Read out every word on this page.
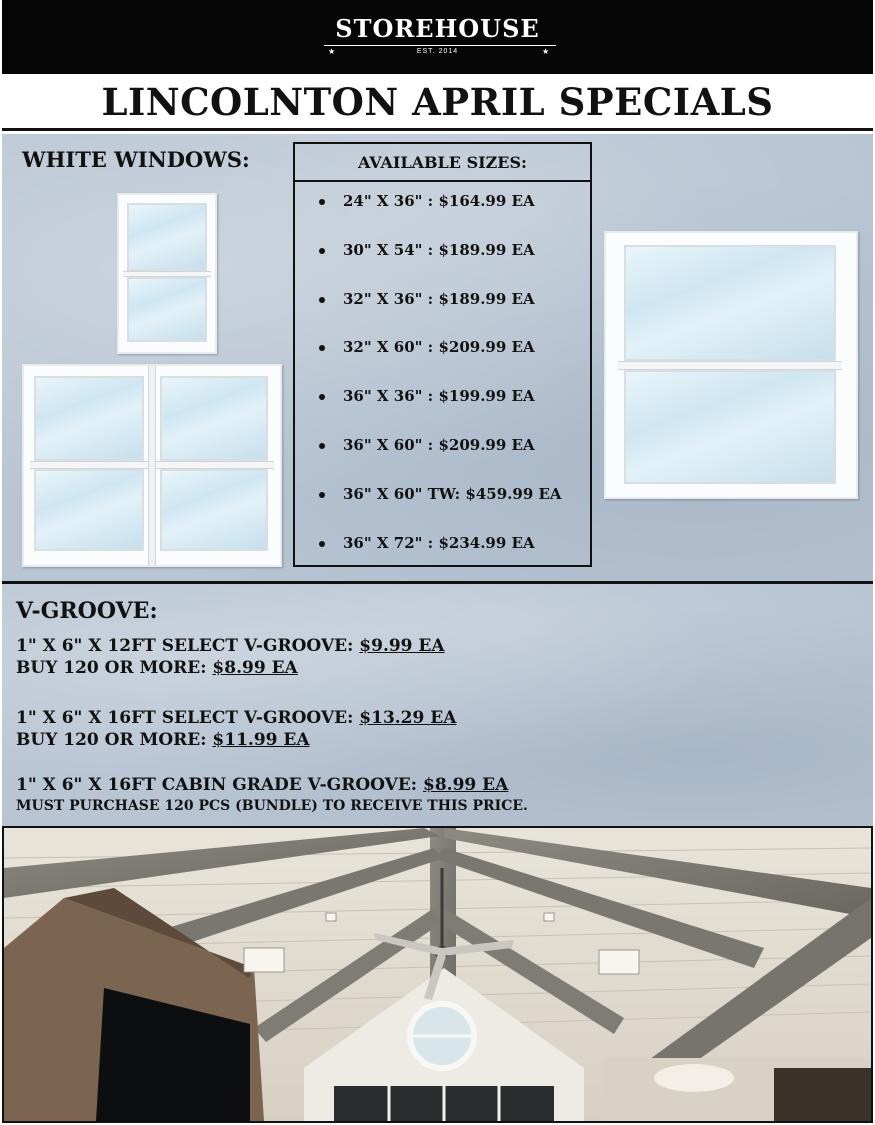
STOREHOUSE
★	EST. 2014	★
LINCOLNTON APRIL SPECIALS
WHITE WINDOWS:	AVAILABLE SIZES:
24" X 36" : $164.99 EA
30" X 54" : $189.99 EA
32" X 36" : $189.99 EA
32" X 60" : $209.99 EA
36" X 36" : $199.99 EA
36" X 60" : $209.99 EA
36" X 60" TW: $459.99 EA
36" X 72" : $234.99 EA
V-GROOVE:
1" X 6" X 12FT SELECT V-GROOVE: $9.99 EA
BUY 120 OR MORE: $8.99 EA
1" X 6" X 16FT SELECT V-GROOVE: $13.29 EA
BUY 120 OR MORE: $11.99 EA
1" X 6" X 16FT CABIN GRADE V-GROOVE: $8.99 EA
MUST PURCHASE 120 PCS (BUNDLE) TO RECEIVE THIS PRICE.
